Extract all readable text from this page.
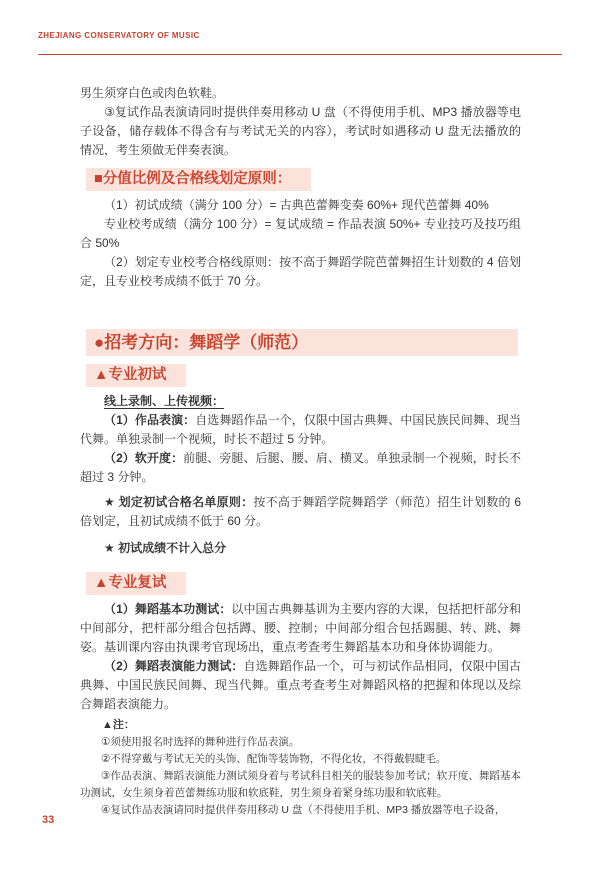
ZHEJIANG CONSERVATORY OF MUSIC

男生须穿白色或肉色软鞋。

③复试作品表演请同时提供伴奏用移动 U 盘（不得使用手机、MP3 播放器等电子设备，储存载体不得含有与考试无关的内容），考试时如遇移动 U 盘无法播放的情况，考生须做无伴奏表演。

■分值比例及合格线划定原则：

（1）初试成绩（满分 100 分）= 古典芭蕾舞变奏 60%+ 现代芭蕾舞 40%

专业校考成绩（满分 100 分）= 复试成绩 = 作品表演 50%+ 专业技巧及技巧组合 50%

（2）划定专业校考合格线原则：按不高于舞蹈学院芭蕾舞招生计划数的 4 倍划定，且专业校考成绩不低于 70 分。

●招考方向：舞蹈学（师范）
▲专业初试

线上录制、上传视频：

（1）作品表演：自选舞蹈作品一个，仅限中国古典舞、中国民族民间舞、现当代舞。单独录制一个视频，时长不超过 5 分钟。

（2）软开度：前腿、旁腿、后腿、腰、肩、横叉。单独录制一个视频，时长不超过 3 分钟。

★ 划定初试合格名单原则：按不高于舞蹈学院舞蹈学（师范）招生计划数的 6 倍划定，且初试成绩不低于 60 分。

★ 初试成绩不计入总分

▲专业复试

（1）舞蹈基本功测试：以中国古典舞基训为主要内容的大课，包括把杆部分和中间部分，把杆部分组合包括蹲、腰、控制；中间部分组合包括踢腿、转、跳、舞姿。基训课内容由执课考官现场出，重点考查考生舞蹈基本功和身体协调能力。

（2）舞蹈表演能力测试：自选舞蹈作品一个，可与初试作品相同，仅限中国古典舞、中国民族民间舞、现当代舞。重点考查考生对舞蹈风格的把握和体现以及综合舞蹈表演能力。

▲注：

①须使用报名时选择的舞种进行作品表演。

②不得穿戴与考试无关的头饰、配饰等装饰物，不得化妆，不得戴假睫毛。

③作品表演、舞蹈表演能力测试须身着与考试科目相关的服装参加考试；软开度、舞蹈基本功测试，女生须身着芭蕾舞练功服和软底鞋，男生须身着紧身练功服和软底鞋。

④复试作品表演请同时提供伴奏用移动 U 盘（不得使用手机、MP3 播放器等电子设备，

33
